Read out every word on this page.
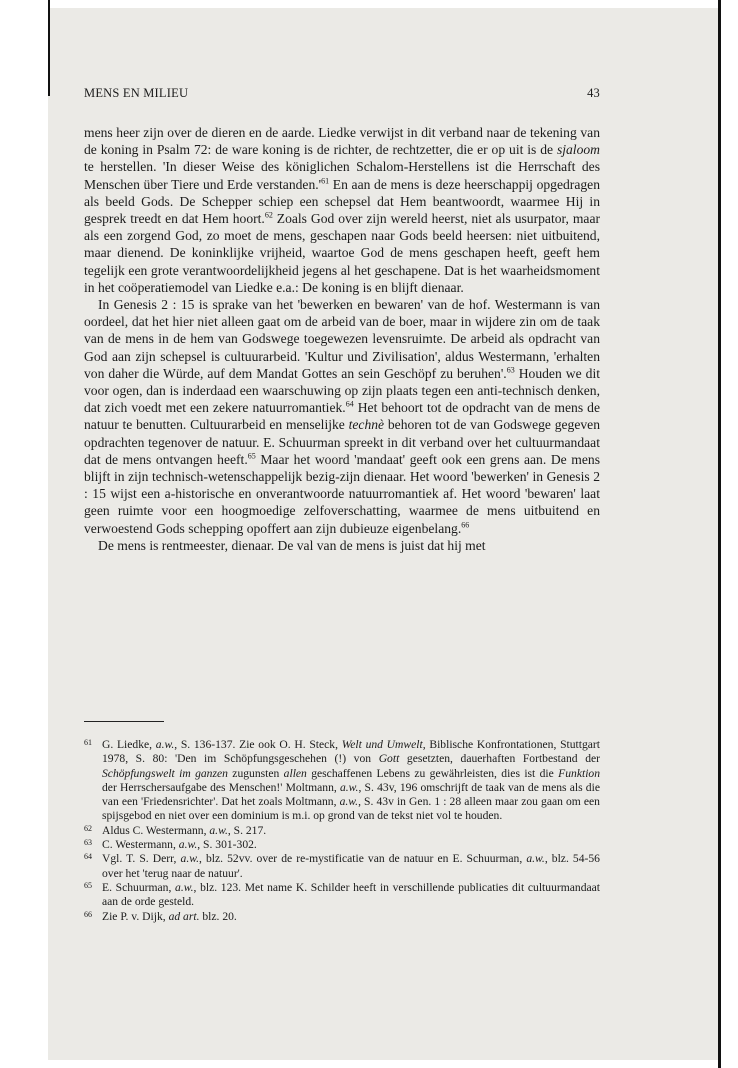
MENS EN MILIEU	43

mens heer zijn over de dieren en de aarde. Liedke verwijst in dit verband naar de tekening van de koning in Psalm 72: de ware koning is de richter, de rechtzetter, die er op uit is de sjaloom te herstellen. 'In dieser Weise des königlichen Schalom-Herstellens ist die Herrschaft des Menschen über Tiere und Erde $verstanden.'^{61}$ En aan de mens is deze heerschappij opgedragen als beeld Gods. De Schepper schiep een schepsel dat Hem beantwoordt, waarmee Hij in gesprek treedt en dat Hem hoort.$^{62}$ Zoals God over zijn wereld heerst, niet als usurpator, maar als een zorgend God, zo moet de mens, geschapen naar Gods beeld heersen: niet uitbuitend, maar dienend. De koninklijke vrijheid, waartoe God de mens geschapen heeft, geeft hem tegelijk een grote verantwoordelijkheid jegens al het geschapene. Dat is het waarheidsmoment in het coöperatiemodel van Liedke e.a.: De koning is en blijft dienaar.

In Genesis 2 : 15 is sprake van het 'bewerken en bewaren' van de hof. Westermann is van oordeel, dat het hier niet alleen gaat om de arbeid van de boer, maar in wijdere zin om de taak van de mens in de hem van Godswege toegewezen levensruimte. De arbeid als opdracht van God aan zijn schepsel is cultuurarbeid. 'Kultur und Zivilisation', aldus Westermann, 'erhalten von daher die Würde, auf dem Mandat Gottes an sein Geschöpf zu beruhen'.$^{63}$ Houden we dit voor ogen, dan is inderdaad een waarschuwing op zijn plaats tegen een anti-technisch denken, dat zich voedt met een zekere natuurromantiek.$^{64}$ Het behoort tot de opdracht van de mens de natuur te benutten. Cultuurarbeid en menselijke technè behoren tot de van Godswege gegeven opdrachten tegenover de natuur. E. Schuurman spreekt in dit verband over het cultuurmandaat dat de mens ontvangen heeft.$^{65}$ Maar het woord 'mandaat' geeft ook een grens aan. De mens blijft in zijn technisch-wetenschappelijk bezig-zijn dienaar. Het woord 'bewerken' in Genesis 2 : 15 wijst een a-historische en onverantwoorde natuurromantiek af. Het woord 'bewaren' laat geen ruimte voor een hoogmoedige zelfoverschatting, waarmee de mens uitbuitend en verwoestend Gods schepping opoffert aan zijn dubieuze eigenbelang.$^{66}$

De mens is rentmeester, dienaar. De val van de mens is juist dat hij met

61 G. Liedke, a.w., S. 136-137. Zie ook O. H. Steck, Welt und Umwelt, Biblische Konfrontationen, Stuttgart 1978, S. 80: 'Den im Schöpfungsgeschehen (!) von Gott gesetzten, dauerhaften Fortbestand der Schöpfungswelt im ganzen zugunsten allen geschaffenen Lebens zu gewährleisten, dies ist die Funktion der Herrschersaufgabe des Menschen!' Moltmann, a.w., S. 43v, 196 omschrijft de taak van de mens als die van een 'Friedensrichter'. Dat het zoals Moltmann, a.w., S. 43v in Gen. 1 : 28 alleen maar zou gaan om een spijsgebod en niet over een dominium is m.i. op grond van de tekst niet vol te houden.
62 Aldus C. Westermann, a.w., S. 217.
63 C. Westermann, a.w., S. 301-302.
64 Vgl. T. S. Derr, a.w., blz. 52vv. over de re-mystificatie van de natuur en E. Schuurman, a.w., blz. 54-56 over het 'terug naar de natuur'.
65 E. Schuurman, a.w., blz. 123. Met name K. Schilder heeft in verschillende publicaties dit cultuurmandaat aan de orde gesteld.
66 Zie P. v. Dijk, ad art. blz. 20.
